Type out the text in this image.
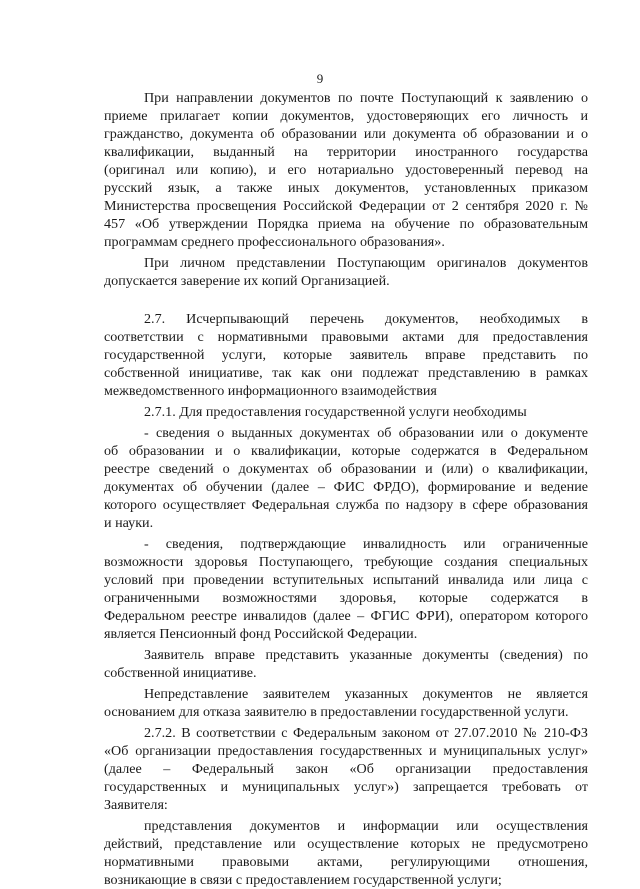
9
При направлении документов по почте Поступающий к заявлению о
приеме прилагает копии документов, удостоверяющих его личность и
гражданство, документа об образовании или документа об образовании и о
квалификации, выданный на территории иностранного государства
(оригинал или копию), и его нотариально удостоверенный перевод на
русский язык, а также иных документов, установленных приказом
Министерства просвещения Российской Федерации от 2 сентября 2020 г. №
457 «Об утверждении Порядка приема на обучение по образовательным
программам среднего профессионального образования».
При личном представлении Поступающим оригиналов документов
допускается заверение их копий Организацией.
2.7. Исчерпывающий перечень документов, необходимых в
соответствии с нормативными правовыми актами для предоставления
государственной услуги, которые заявитель вправе представить по
собственной инициативе, так как они подлежат представлению в рамках
межведомственного информационного взаимодействия
2.7.1. Для предоставления государственной услуги необходимы
- сведения о выданных документах об образовании или о документе
об образовании и о квалификации, которые содержатся в Федеральном
реестре сведений о документах об образовании и (или) о квалификации,
документах об обучении (далее – ФИС ФРДО), формирование и ведение
которого осуществляет Федеральная служба по надзору в сфере образования
и науки.
- сведения, подтверждающие инвалидность или ограниченные
возможности здоровья Поступающего, требующие создания специальных
условий при проведении вступительных испытаний инвалида или лица с
ограниченными возможностями здоровья, которые содержатся в
Федеральном реестре инвалидов (далее – ФГИС ФРИ), оператором которого
является Пенсионный фонд Российской Федерации.
Заявитель вправе представить указанные документы (сведения) по
собственной инициативе.
Непредставление заявителем указанных документов не является
основанием для отказа заявителю в предоставлении государственной услуги.
2.7.2. В соответствии с Федеральным законом от 27.07.2010 № 210-ФЗ
«Об организации предоставления государственных и муниципальных услуг»
(далее – Федеральный закон «Об организации предоставления
государственных и муниципальных услуг») запрещается требовать от
Заявителя:
представления документов и информации или осуществления
действий, представление или осуществление которых не предусмотрено
нормативными правовыми актами, регулирующими отношения,
возникающие в связи с предоставлением государственной услуги;
